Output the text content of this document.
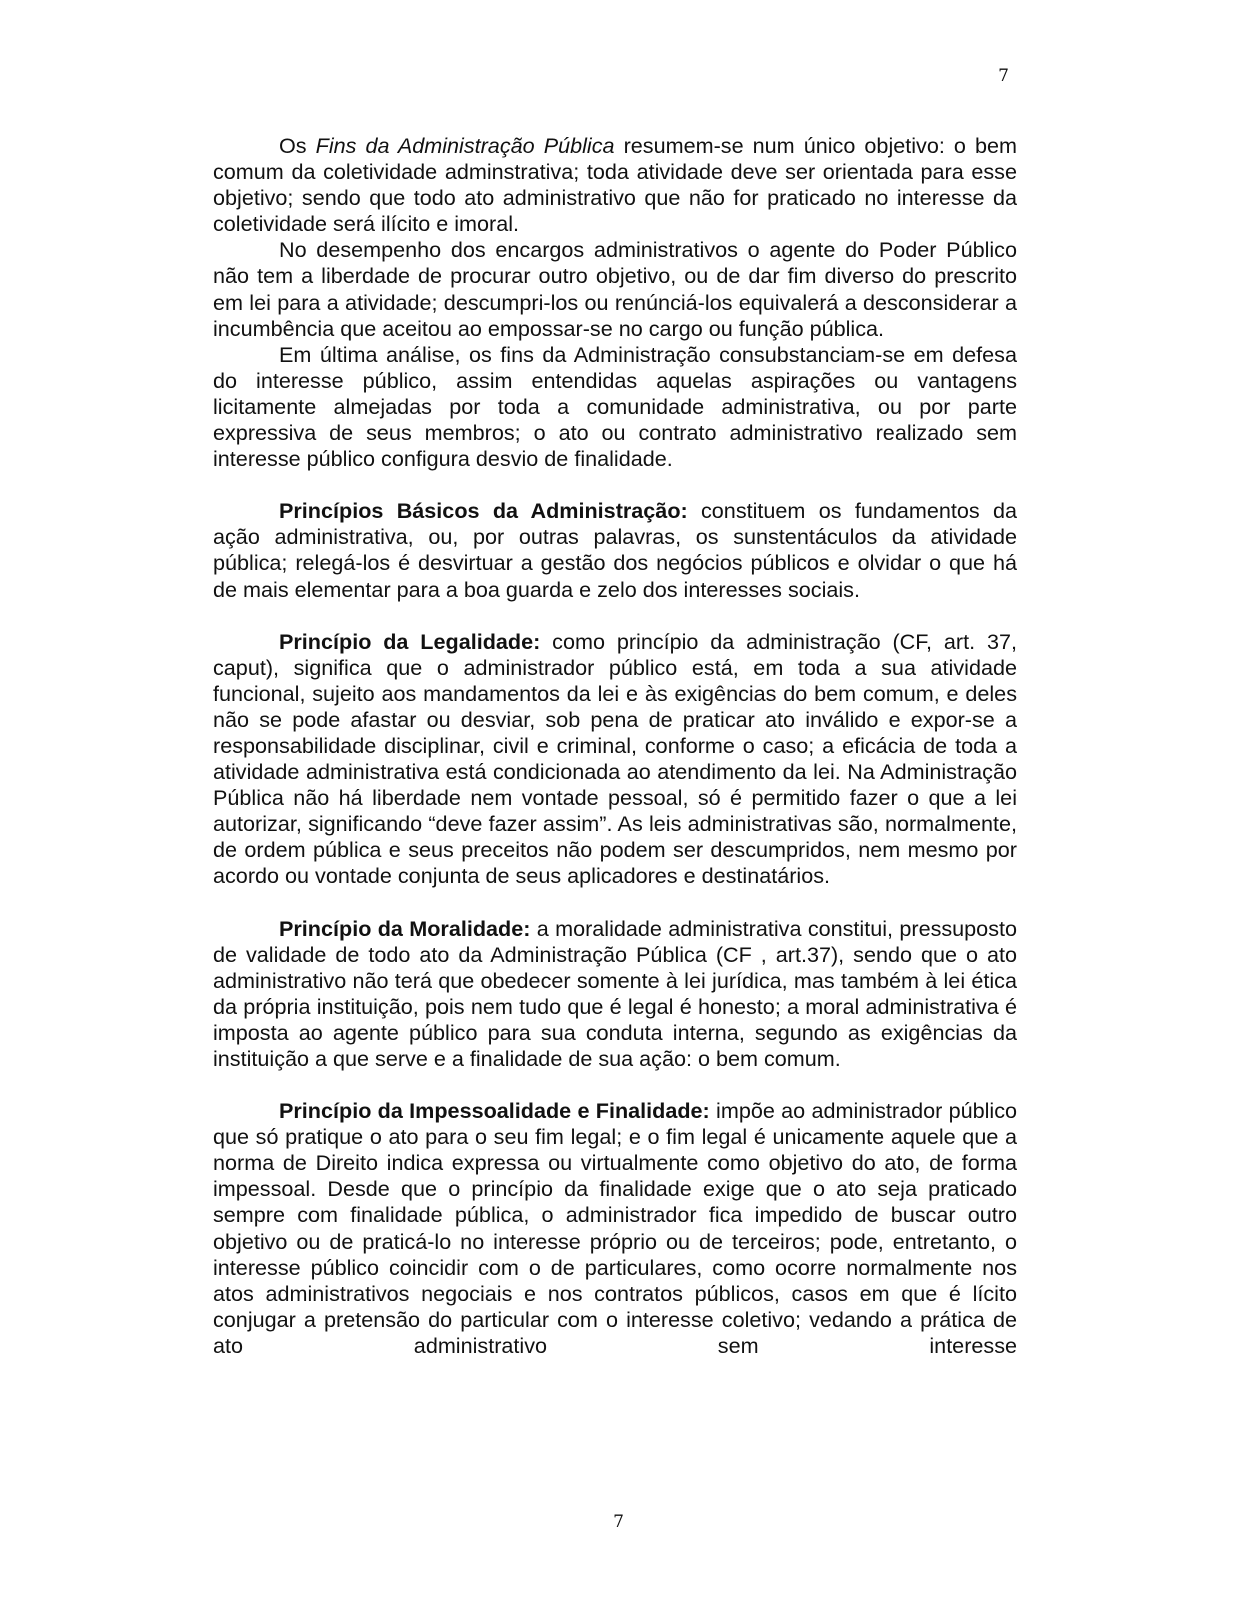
7

Os Fins da Administração Pública resumem-se num único objetivo: o bem comum da coletividade adminstrativa; toda atividade deve ser orientada para esse objetivo; sendo que todo ato administrativo que não for praticado no interesse da coletividade será ilícito e imoral.

No desempenho dos encargos administrativos o agente do Poder Público não tem a liberdade de procurar outro objetivo, ou de dar fim diverso do prescrito em lei para a atividade; descumpri-los ou renúnciá-los equivalerá a desconsiderar a incumbência que aceitou ao empossar-se no cargo ou função pública.

Em última análise, os fins da Administração consubstanciam-se em defesa do interesse público, assim entendidas aquelas aspirações ou vantagens licitamente almejadas por toda a comunidade administrativa, ou por parte expressiva de seus membros; o ato ou contrato administrativo realizado sem interesse público configura desvio de finalidade.

Princípios Básicos da Administração: constituem os fundamentos da ação administrativa, ou, por outras palavras, os sunstentáculos da atividade pública; relegá-los é desvirtuar a gestão dos negócios públicos e olvidar o que há de mais elementar para a boa guarda e zelo dos interesses sociais.

Princípio da Legalidade: como princípio da administração (CF, art. 37, caput), significa que o administrador público está, em toda a sua atividade funcional, sujeito aos mandamentos da lei e às exigências do bem comum, e deles não se pode afastar ou desviar, sob pena de praticar ato inválido e expor-se a responsabilidade disciplinar, civil e criminal, conforme o caso; a eficácia de toda a atividade administrativa está condicionada ao atendimento da lei. Na Administração Pública não há liberdade nem vontade pessoal, só é permitido fazer o que a lei autorizar, significando “deve fazer assim”. As leis administrativas são, normalmente, de ordem pública e seus preceitos não podem ser descumpridos, nem mesmo por acordo ou vontade conjunta de seus aplicadores e destinatários.

Princípio da Moralidade: a moralidade administrativa constitui, pressuposto de validade de todo ato da Administração Pública (CF , art.37), sendo que o ato administrativo não terá que obedecer somente à lei jurídica, mas também à lei ética da própria instituição, pois nem tudo que é legal é honesto; a moral administrativa é imposta ao agente público para sua conduta interna, segundo as exigências da instituição a que serve e a finalidade de sua ação: o bem comum.

Princípio da Impessoalidade e Finalidade: impõe ao administrador público que só pratique o ato para o seu fim legal; e o fim legal é unicamente aquele que a norma de Direito indica expressa ou virtualmente como objetivo do ato, de forma impessoal. Desde que o princípio da finalidade exige que o ato seja praticado sempre com finalidade pública, o administrador fica impedido de buscar outro objetivo ou de praticá-lo no interesse próprio ou de terceiros; pode, entretanto, o interesse público coincidir com o de particulares, como ocorre normalmente nos atos administrativos negociais e nos contratos públicos, casos em que é lícito conjugar a pretensão do particular com o interesse coletivo; vedando a prática de ato administrativo sem interesse

7
